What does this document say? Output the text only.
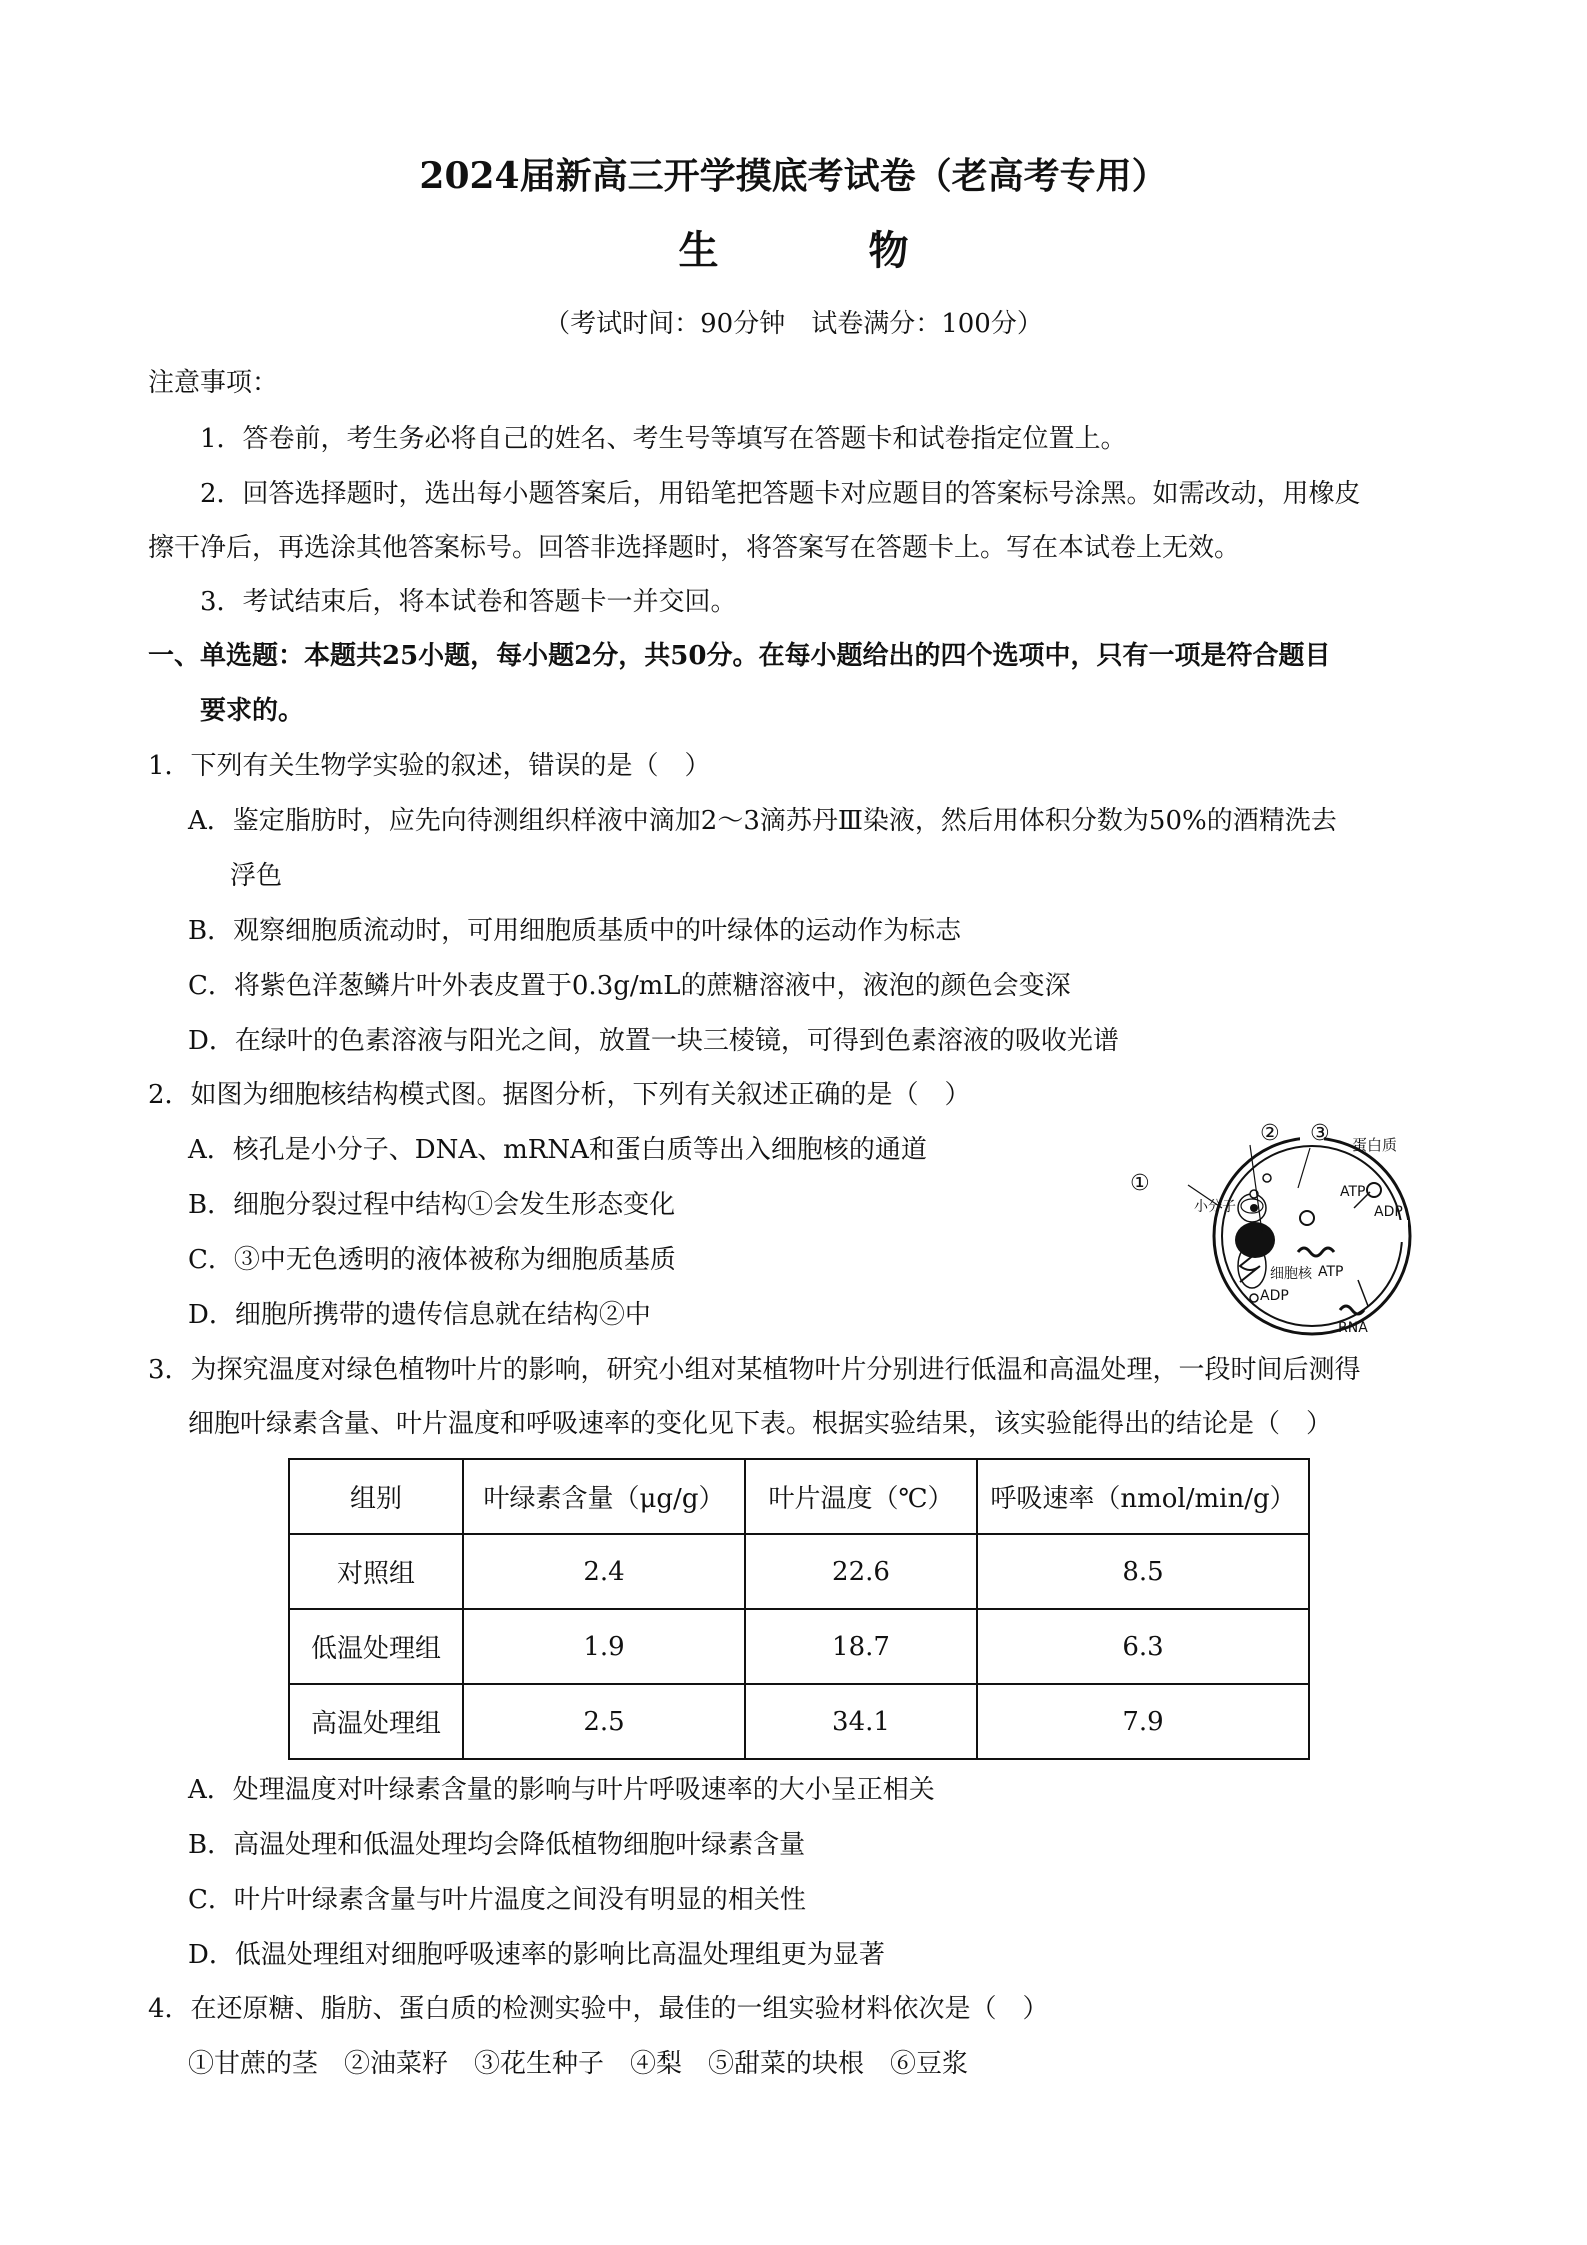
2024届新高三开学摸底考试卷（老高考专用）
生	物
（考试时间：90分钟　试卷满分：100分）
注意事项：
1．答卷前，考生务必将自己的姓名、考生号等填写在答题卡和试卷指定位置上。
2．回答选择题时，选出每小题答案后，用铅笔把答题卡对应题目的答案标号涂黑。如需改动，用橡皮
擦干净后，再选涂其他答案标号。回答非选择题时，将答案写在答题卡上。写在本试卷上无效。
3．考试结束后，将本试卷和答题卡一并交回。
一、单选题：本题共25小题，每小题2分，共50分。在每小题给出的四个选项中，只有一项是符合题目
要求的。
1．下列有关生物学实验的叙述，错误的是（　）
A．鉴定脂肪时，应先向待测组织样液中滴加2～3滴苏丹Ⅲ染液，然后用体积分数为50%的酒精洗去
浮色
B．观察细胞质流动时，可用细胞质基质中的叶绿体的运动作为标志
C．将紫色洋葱鳞片叶外表皮置于0.3g/mL的蔗糖溶液中，液泡的颜色会变深
D．在绿叶的色素溶液与阳光之间，放置一块三棱镜，可得到色素溶液的吸收光谱
2．如图为细胞核结构模式图。据图分析，下列有关叙述正确的是（　）
A．核孔是小分子、DNA、mRNA和蛋白质等出入细胞核的通道
B．细胞分裂过程中结构①会发生形态变化
C．③中无色透明的液体被称为细胞质基质
D．细胞所携带的遗传信息就在结构②中
② ③
①
蛋白质
ATP
ADP
小分子
细胞核
ADP
ATP
RNA
3．为探究温度对绿色植物叶片的影响，研究小组对某植物叶片分别进行低温和高温处理，一段时间后测得
细胞叶绿素含量、叶片温度和呼吸速率的变化见下表。根据实验结果，该实验能得出的结论是（　）
组别	叶绿素含量（μg/g）	叶片温度（℃）	呼吸速率（nmol/min/g）
对照组	2.4	22.6	8.5
低温处理组	1.9	18.7	6.3
高温处理组	2.5	34.1	7.9
A．处理温度对叶绿素含量的影响与叶片呼吸速率的大小呈正相关
B．高温处理和低温处理均会降低植物细胞叶绿素含量
C．叶片叶绿素含量与叶片温度之间没有明显的相关性
D．低温处理组对细胞呼吸速率的影响比高温处理组更为显著
4．在还原糖、脂肪、蛋白质的检测实验中，最佳的一组实验材料依次是（　）
①甘蔗的茎　②油菜籽　③花生种子　④梨　⑤甜菜的块根　⑥豆浆
